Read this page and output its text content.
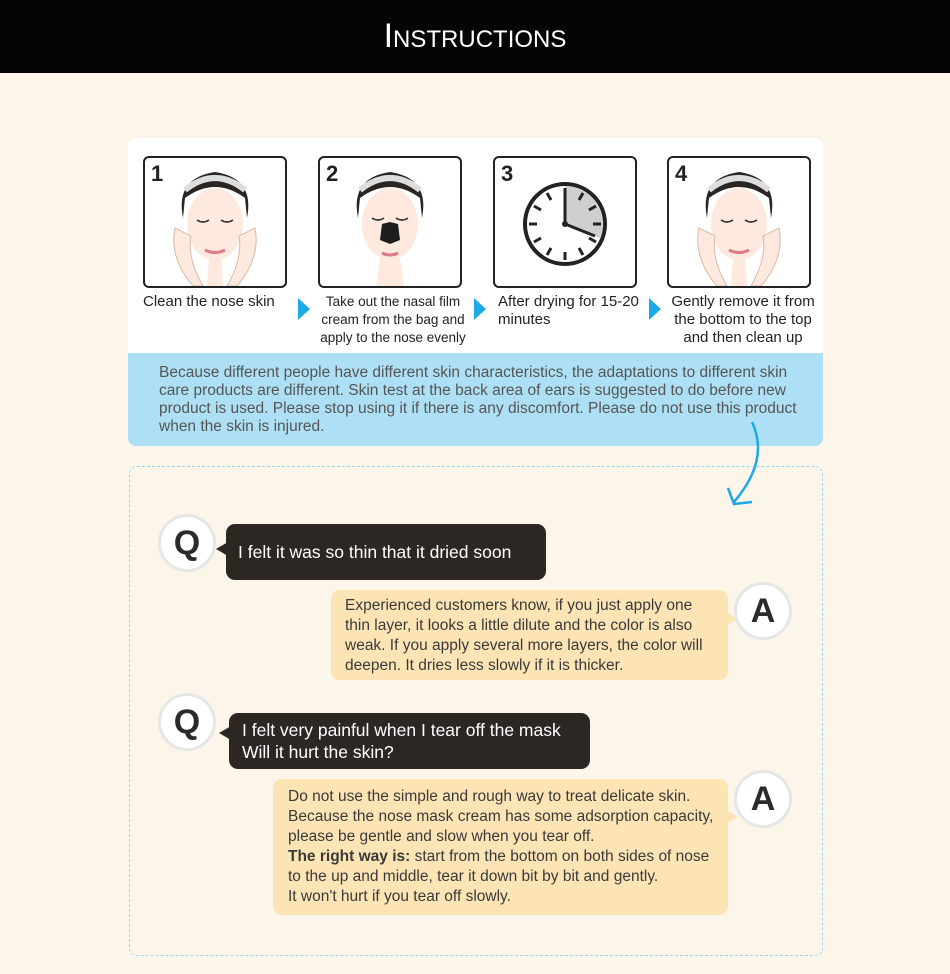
Instructions
1
Clean the nose skin
2
Take out the nasal film cream from the bag and apply to the nose evenly
3
After drying for 15-20 minutes
4
Gently remove it from the bottom to the top and then clean up
Because different people have different skin characteristics, the adaptations to different skin care products are different. Skin test at the back area of ears is suggested to do before new product is used. Please stop using it if there is any discomfort. Please do not use this product when the skin is injured.
Q	I felt it was so thin that it dried soon
Experienced customers know, if you just apply one thin layer, it looks a little dilute and the color is also weak. If you apply several more layers, the color will deepen. It dries less slowly if it is thicker.
A
Q	I felt very painful when I tear off the mask
Will it hurt the skin?
Do not use the simple and rough way to treat delicate skin. Because the nose mask cream has some adsorption capacity, please be gentle and slow when you tear off.
The right way is: start from the bottom on both sides of nose to the up and middle, tear it down bit by bit and gently.
It won't hurt if you tear off slowly.
A
